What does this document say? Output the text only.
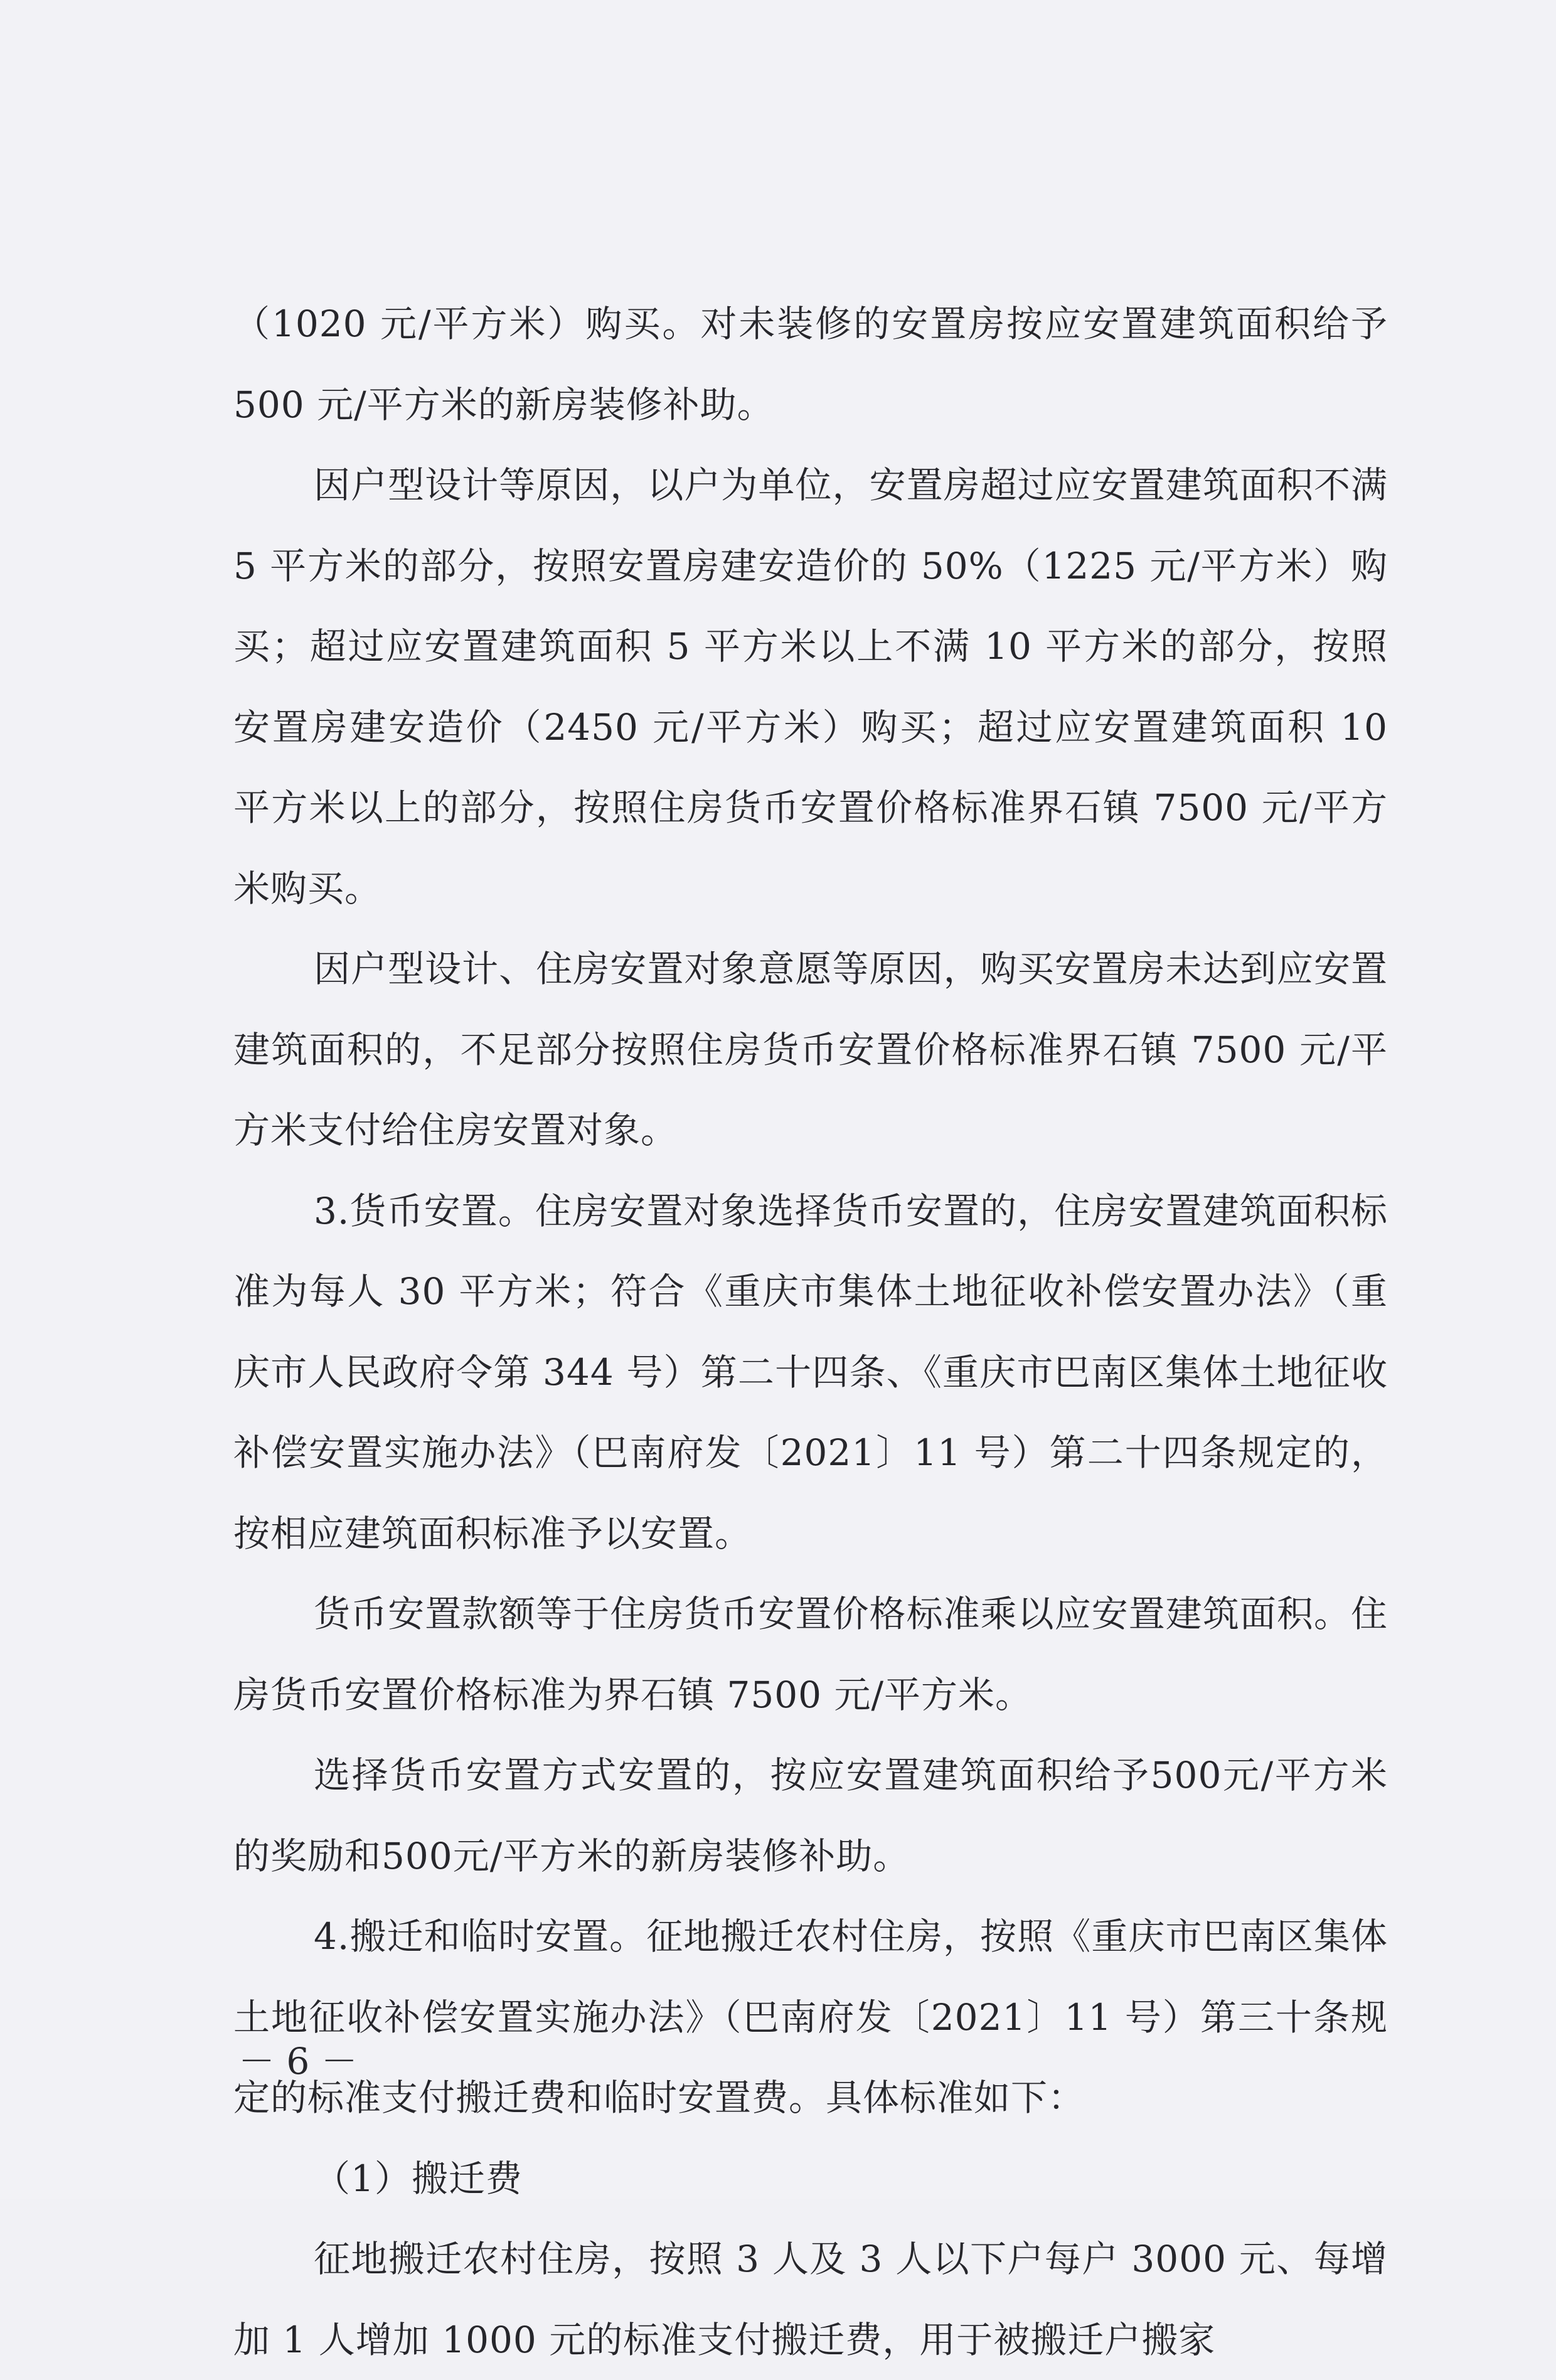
（1020 元/平方米）购买。对未装修的安置房按应安置建筑面积给予 500 元/平方米的新房装修补助。

因户型设计等原因，以户为单位，安置房超过应安置建筑面积不满 5 平方米的部分，按照安置房建安造价的 50%（1225 元/平方米）购买；超过应安置建筑面积 5 平方米以上不满 10 平方米的部分，按照安置房建安造价（2450 元/平方米）购买；超过应安置建筑面积 10 平方米以上的部分，按照住房货币安置价格标准界石镇 7500 元/平方米购买。

因户型设计、住房安置对象意愿等原因，购买安置房未达到应安置建筑面积的，不足部分按照住房货币安置价格标准界石镇 7500 元/平方米支付给住房安置对象。

3.货币安置。住房安置对象选择货币安置的，住房安置建筑面积标准为每人 30 平方米；符合《重庆市集体土地征收补偿安置办法》（重庆市人民政府令第 344 号）第二十四条、《重庆市巴南区集体土地征收补偿安置实施办法》（巴南府发〔2021〕11 号）第二十四条规定的，按相应建筑面积标准予以安置。

货币安置款额等于住房货币安置价格标准乘以应安置建筑面积。住房货币安置价格标准为界石镇 7500 元/平方米。

选择货币安置方式安置的，按应安置建筑面积给予500元/平方米的奖励和500元/平方米的新房装修补助。

4.搬迁和临时安置。征地搬迁农村住房，按照《重庆市巴南区集体土地征收补偿安置实施办法》（巴南府发〔2021〕11 号）第三十条规定的标准支付搬迁费和临时安置费。具体标准如下：

（1）搬迁费

征地搬迁农村住房，按照 3 人及 3 人以下户每户 3000 元、每增加 1 人增加 1000 元的标准支付搬迁费，用于被搬迁户搬家

－ 6 －
